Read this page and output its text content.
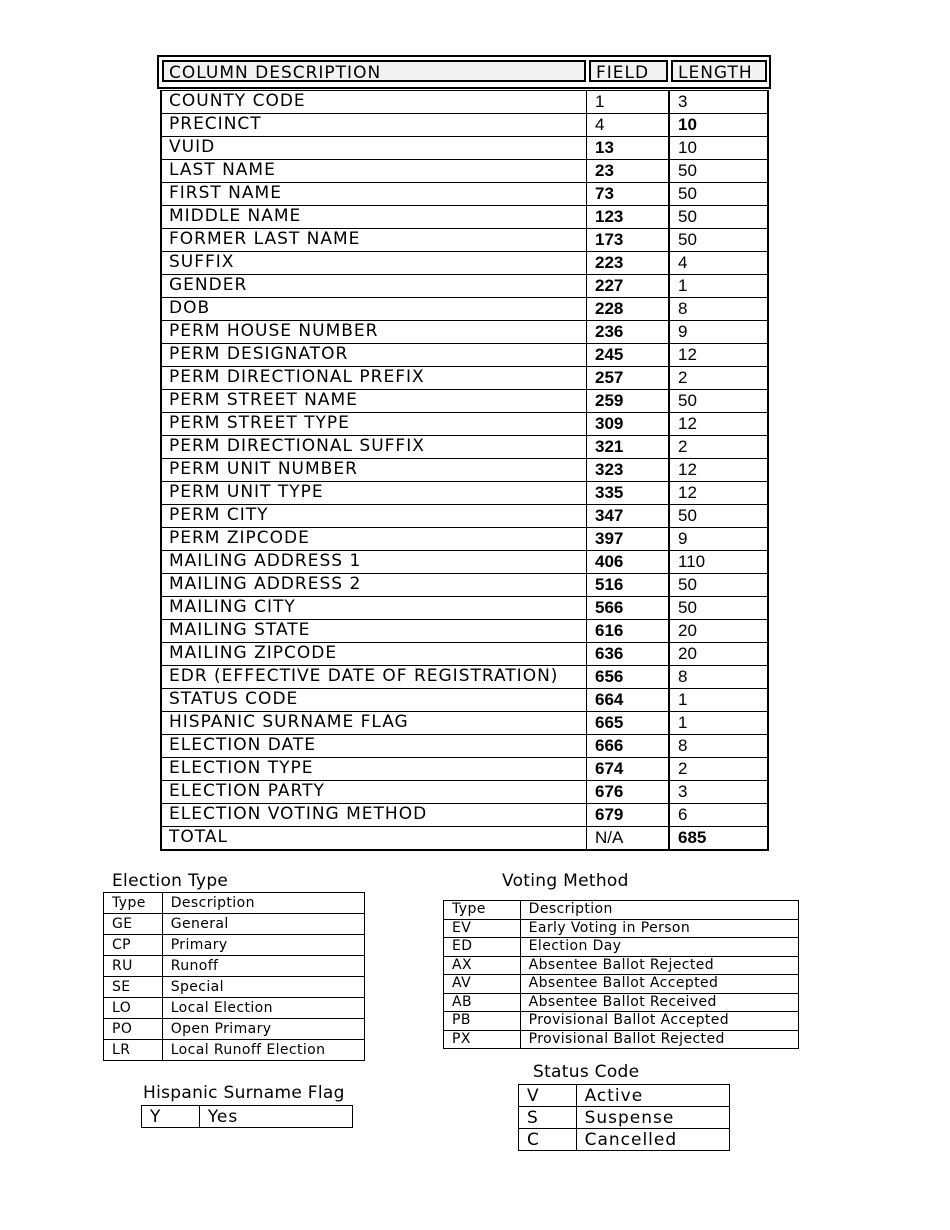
COLUMN DESCRIPTION	FIELD	LENGTH
COUNTY CODE	1	3
PRECINCT	4	10
VUID	13	10
LAST NAME	23	50
FIRST NAME	73	50
MIDDLE NAME	123	50
FORMER LAST NAME	173	50
SUFFIX	223	4
GENDER	227	1
DOB	228	8
PERM HOUSE NUMBER	236	9
PERM DESIGNATOR	245	12
PERM DIRECTIONAL PREFIX	257	2
PERM STREET NAME	259	50
PERM STREET TYPE	309	12
PERM DIRECTIONAL SUFFIX	321	2
PERM UNIT NUMBER	323	12
PERM UNIT TYPE	335	12
PERM CITY	347	50
PERM ZIPCODE	397	9
MAILING ADDRESS 1	406	110
MAILING ADDRESS 2	516	50
MAILING CITY	566	50
MAILING STATE	616	20
MAILING ZIPCODE	636	20
EDR (EFFECTIVE DATE OF REGISTRATION)	656	8
STATUS CODE	664	1
HISPANIC SURNAME FLAG	665	1
ELECTION DATE	666	8
ELECTION TYPE	674	2
ELECTION PARTY	676	3
ELECTION VOTING METHOD	679	6
TOTAL	N/A	685
Election Type
Type	Description
GE	General
CP	Primary
RU	Runoff
SE	Special
LO	Local Election
PO	Open Primary
LR	Local Runoff Election
Voting Method
Type	Description
EV	Early Voting in Person
ED	Election Day
AX	Absentee Ballot Rejected
AV	Absentee Ballot Accepted
AB	Absentee Ballot Received
PB	Provisional Ballot Accepted
PX	Provisional Ballot Rejected
Hispanic Surname Flag
Y	Yes
Status Code
V	Active
S	Suspense
C	Cancelled
